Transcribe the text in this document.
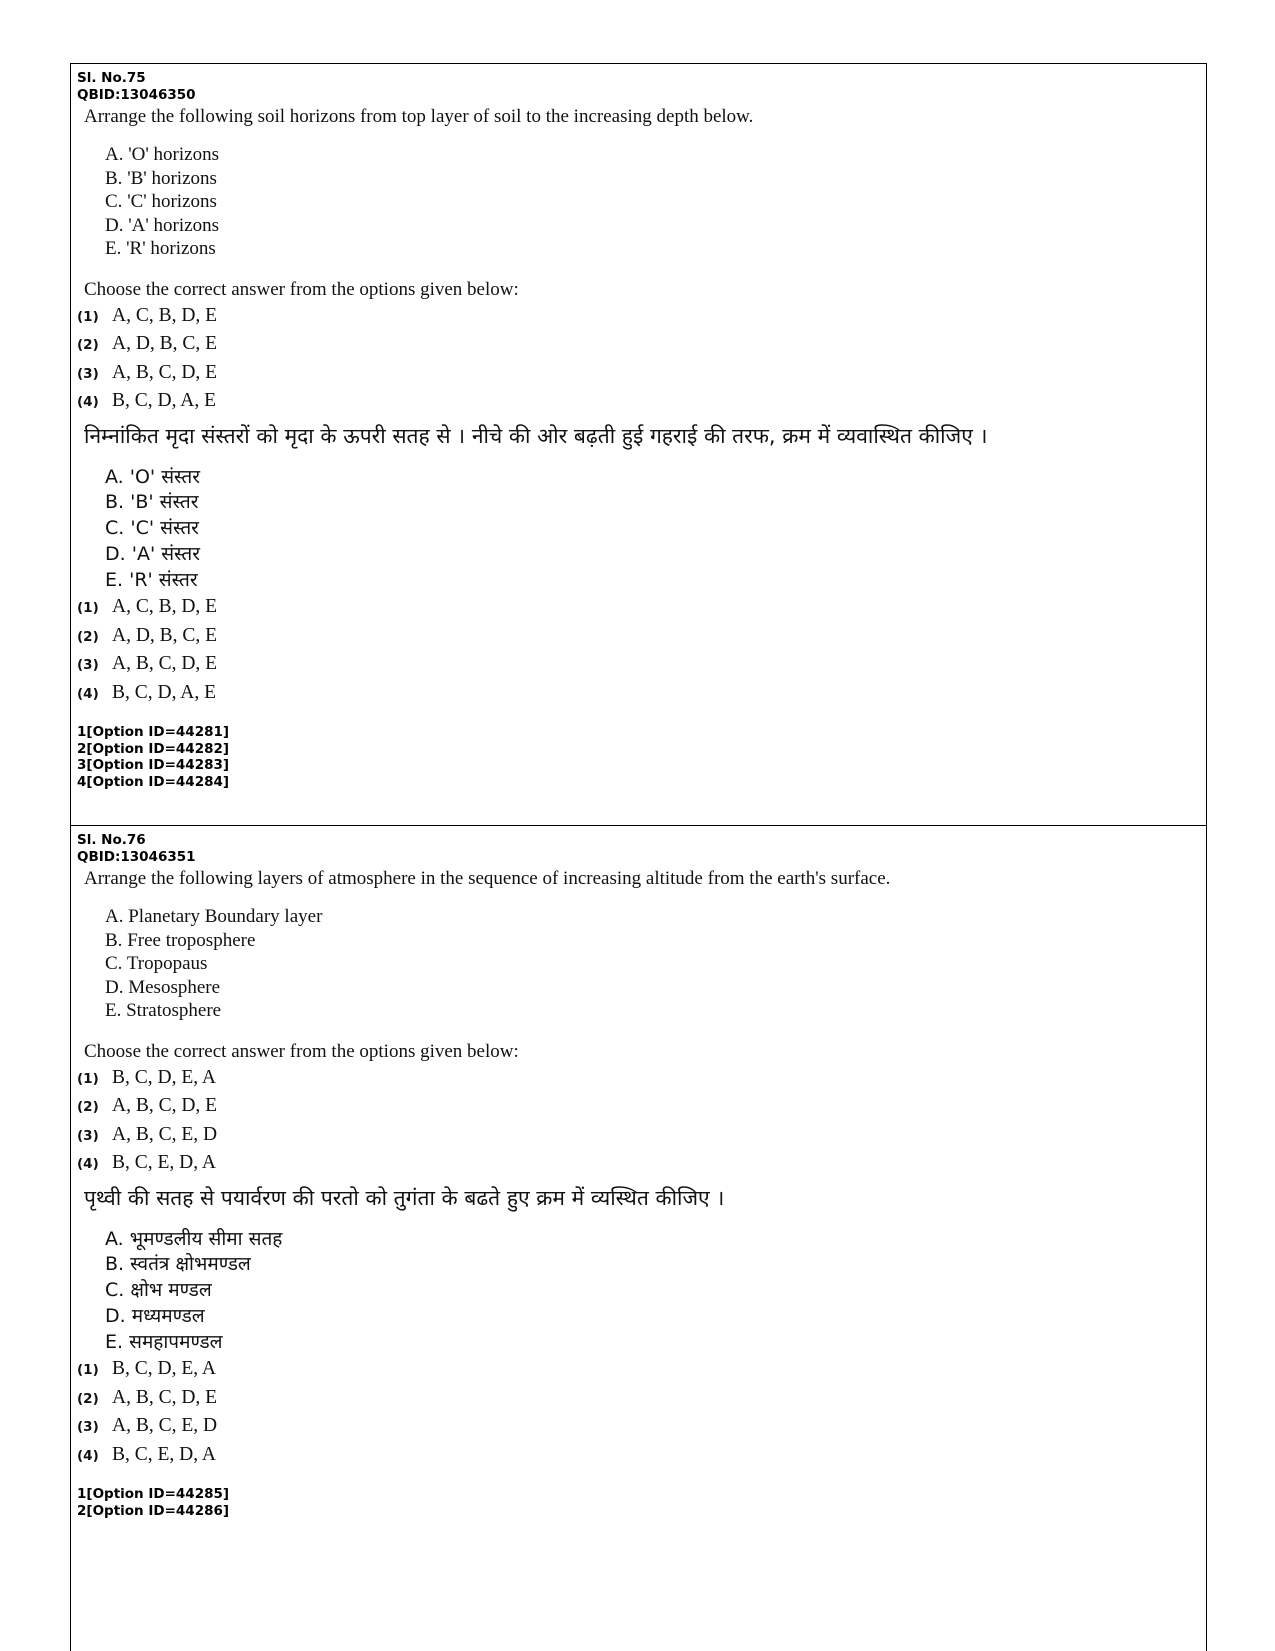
Sl. No.75
QBID:13046350
Arrange the following soil horizons from top layer of soil to the increasing depth below.
A. 'O' horizons
B. 'B' horizons
C. 'C' horizons
D. 'A' horizons
E. 'R' horizons
Choose the correct answer from the options given below:
(1) A, C, B, D, E
(2) A, D, B, C, E
(3) A, B, C, D, E
(4) B, C, D, A, E
निम्नांकित मृदा संस्तरों को मृदा के ऊपरी सतह से । नीचे की ओर बढ़ती हुई गहराई की तरफ, क्रम में व्यवास्थित कीजिए ।
A. 'O' संस्तर
B. 'B' संस्तर
C. 'C' संस्तर
D. 'A' संस्तर
E. 'R' संस्तर
(1) A, C, B, D, E
(2) A, D, B, C, E
(3) A, B, C, D, E
(4) B, C, D, A, E
1[Option ID=44281]
2[Option ID=44282]
3[Option ID=44283]
4[Option ID=44284]
Sl. No.76
QBID:13046351
Arrange the following layers of atmosphere in the sequence of increasing altitude from the earth's surface.
A. Planetary Boundary layer
B. Free troposphere
C. Tropopaus
D. Mesosphere
E. Stratosphere
Choose the correct answer from the options given below:
(1) B, C, D, E, A
(2) A, B, C, D, E
(3) A, B, C, E, D
(4) B, C, E, D, A
पृथ्वी की सतह से पयार्वरण की परतो को तुगंता के बढते हुए क्रम में व्यस्थित कीजिए ।
A. भूमण्डलीय सीमा सतह
B. स्वतंत्र क्षोभमण्डल
C. क्षोभ मण्डल
D. मध्यमण्डल
E. समहापमण्डल
(1) B, C, D, E, A
(2) A, B, C, D, E
(3) A, B, C, E, D
(4) B, C, E, D, A
1[Option ID=44285]
2[Option ID=44286]
